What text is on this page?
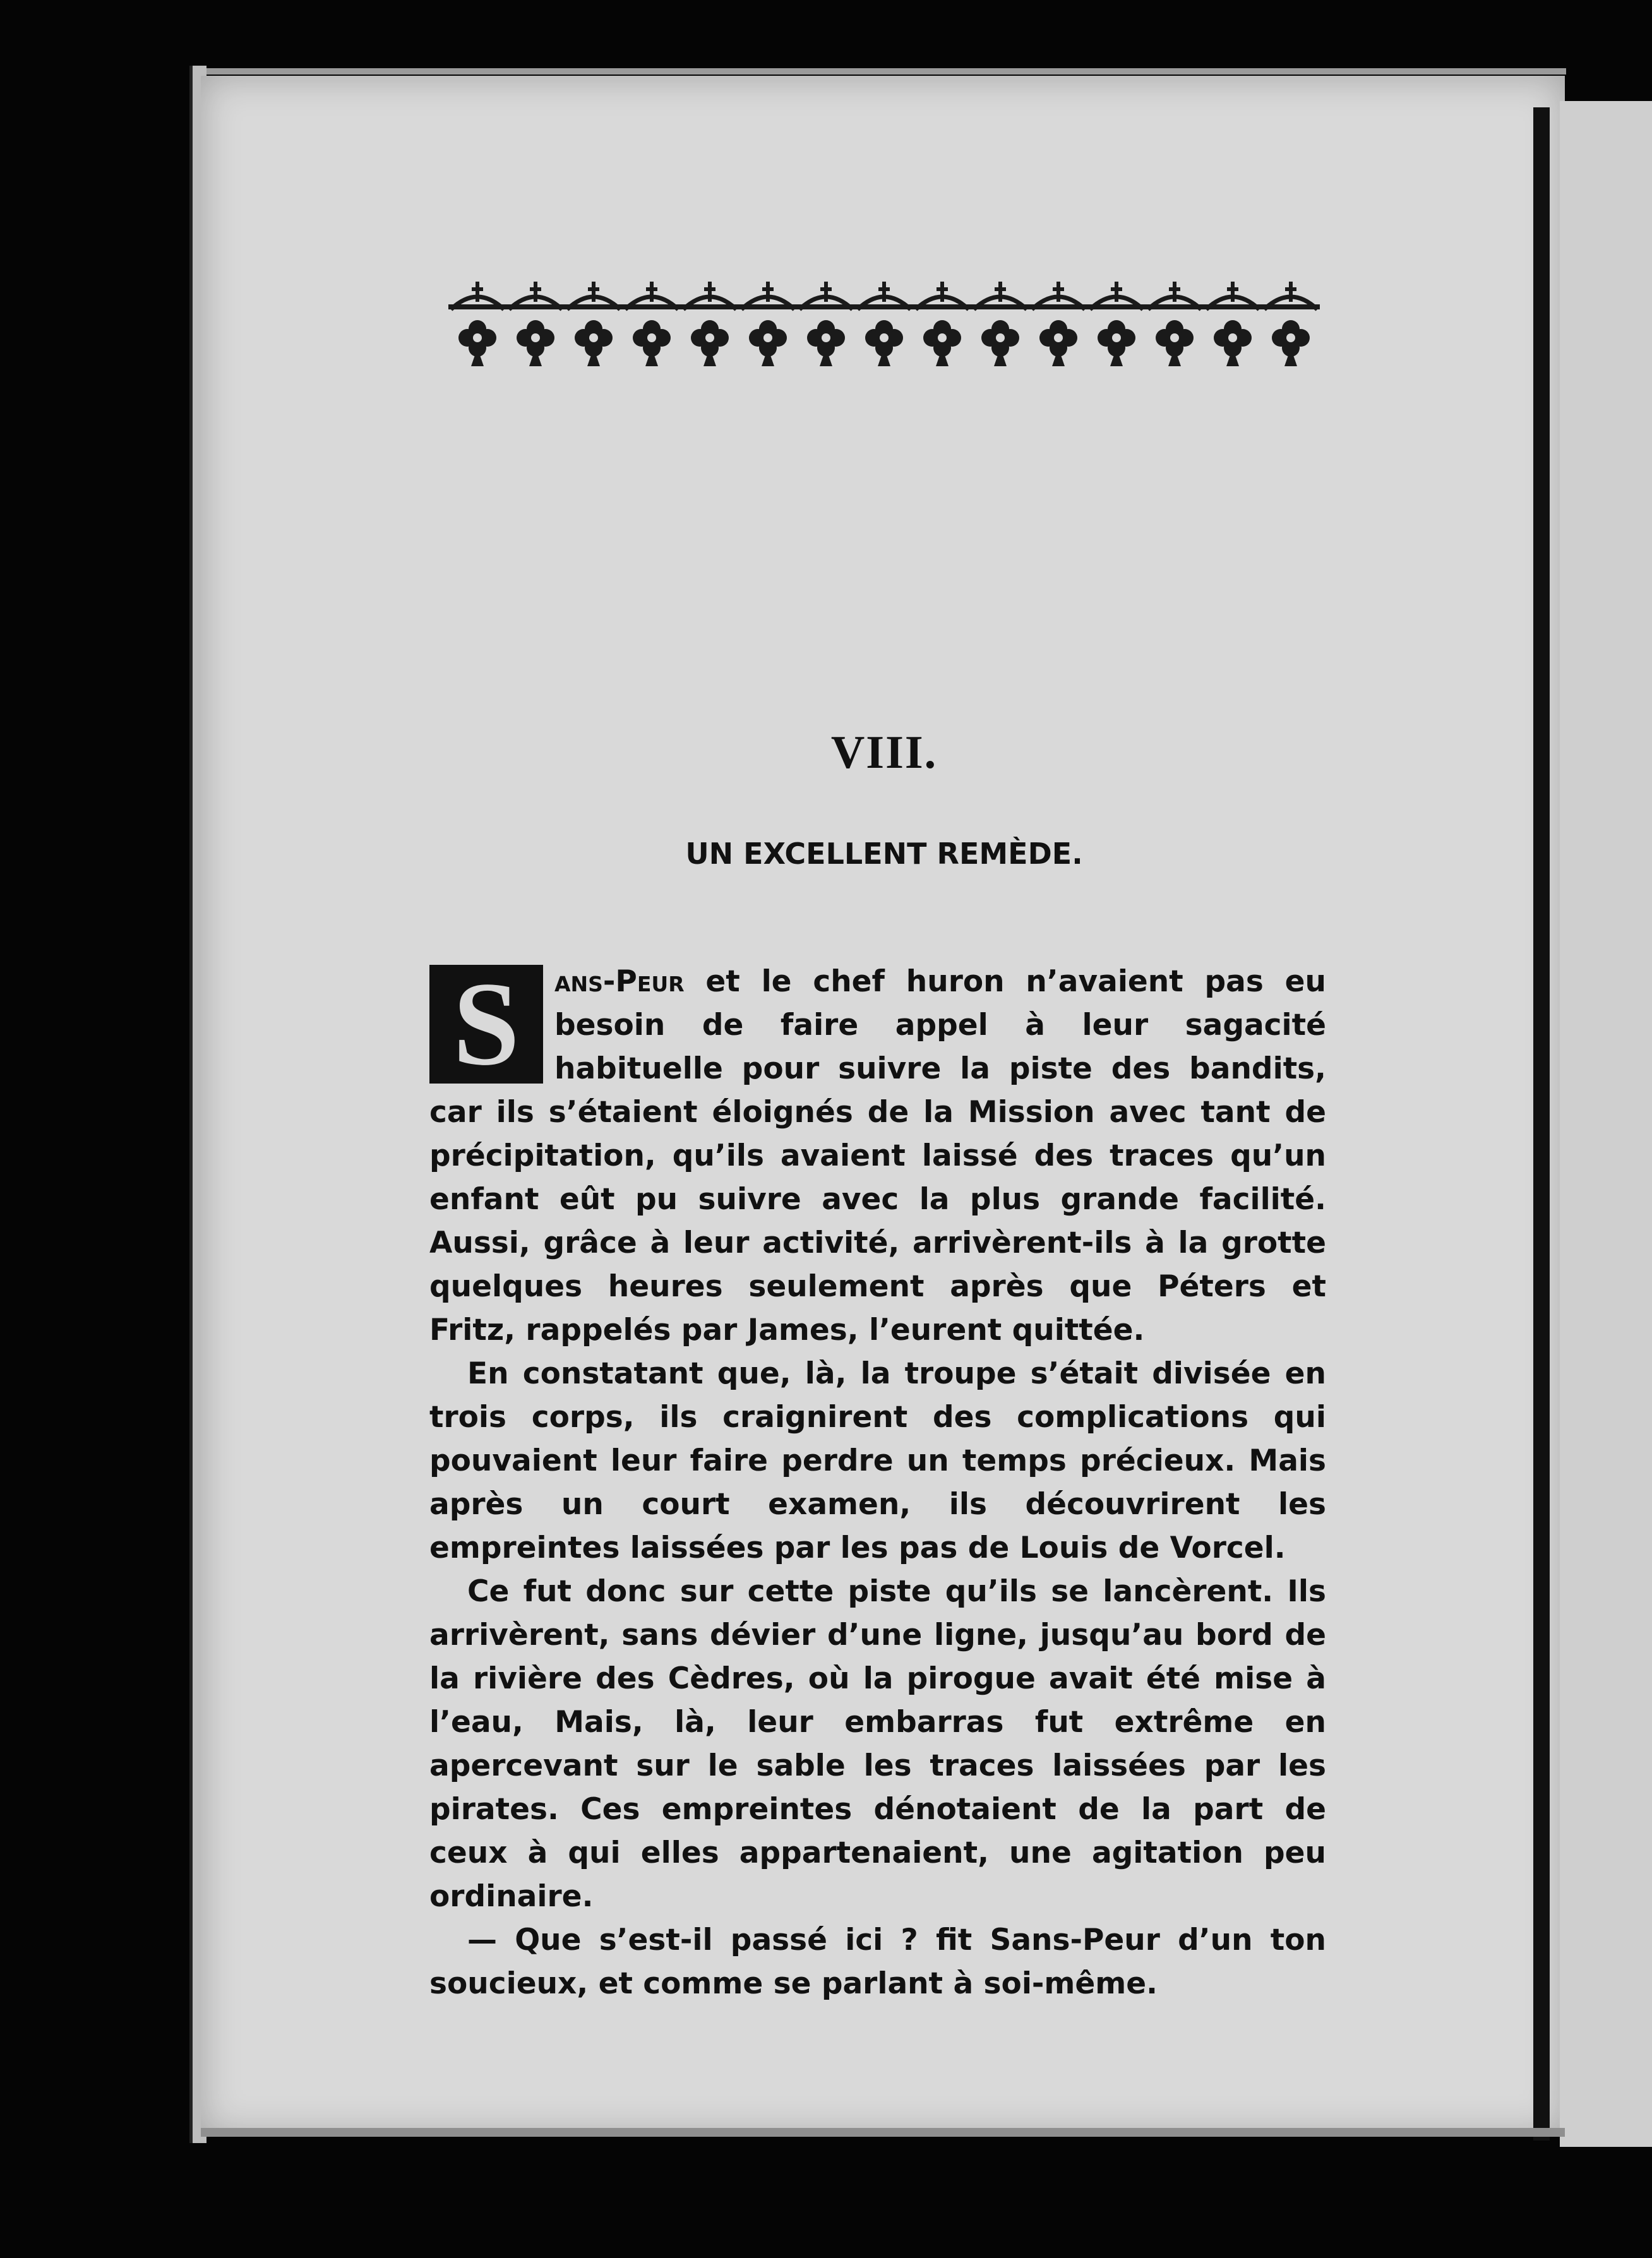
VIII.
UN EXCELLENT REMÈDE.

S	ans-Peur et le chef huron n’avaient pas eu besoin de faire appel à leur sagacité habituelle pour suivre la piste des bandits, car ils s’étaient éloignés de la Mission avec tant de précipitation, qu’ils avaient laissé des traces qu’un enfant eût pu suivre avec la plus grande facilité. Aussi, grâce à leur activité, arrivèrent-ils à la grotte quelques heures seulement après que Péters et Fritz, rappelés par James, l’eurent quittée.

En constatant que, là, la troupe s’était divisée en trois corps, ils craignirent des complications qui pouvaient leur faire perdre un temps précieux. Mais après un court examen, ils découvrirent les empreintes laissées par les pas de Louis de Vorcel.

Ce fut donc sur cette piste qu’ils se lancèrent. Ils arrivèrent, sans dévier d’une ligne, jusqu’au bord de la rivière des Cèdres, où la pirogue avait été mise à l’eau, Mais, là, leur embarras fut extrême en apercevant sur le sable les traces laissées par les pirates. Ces empreintes dénotaient de la part de ceux à qui elles appartenaient, une agitation peu ordinaire.

— Que s’est-il passé ici ? fit Sans-Peur d’un ton soucieux, et comme se parlant à soi-même.
